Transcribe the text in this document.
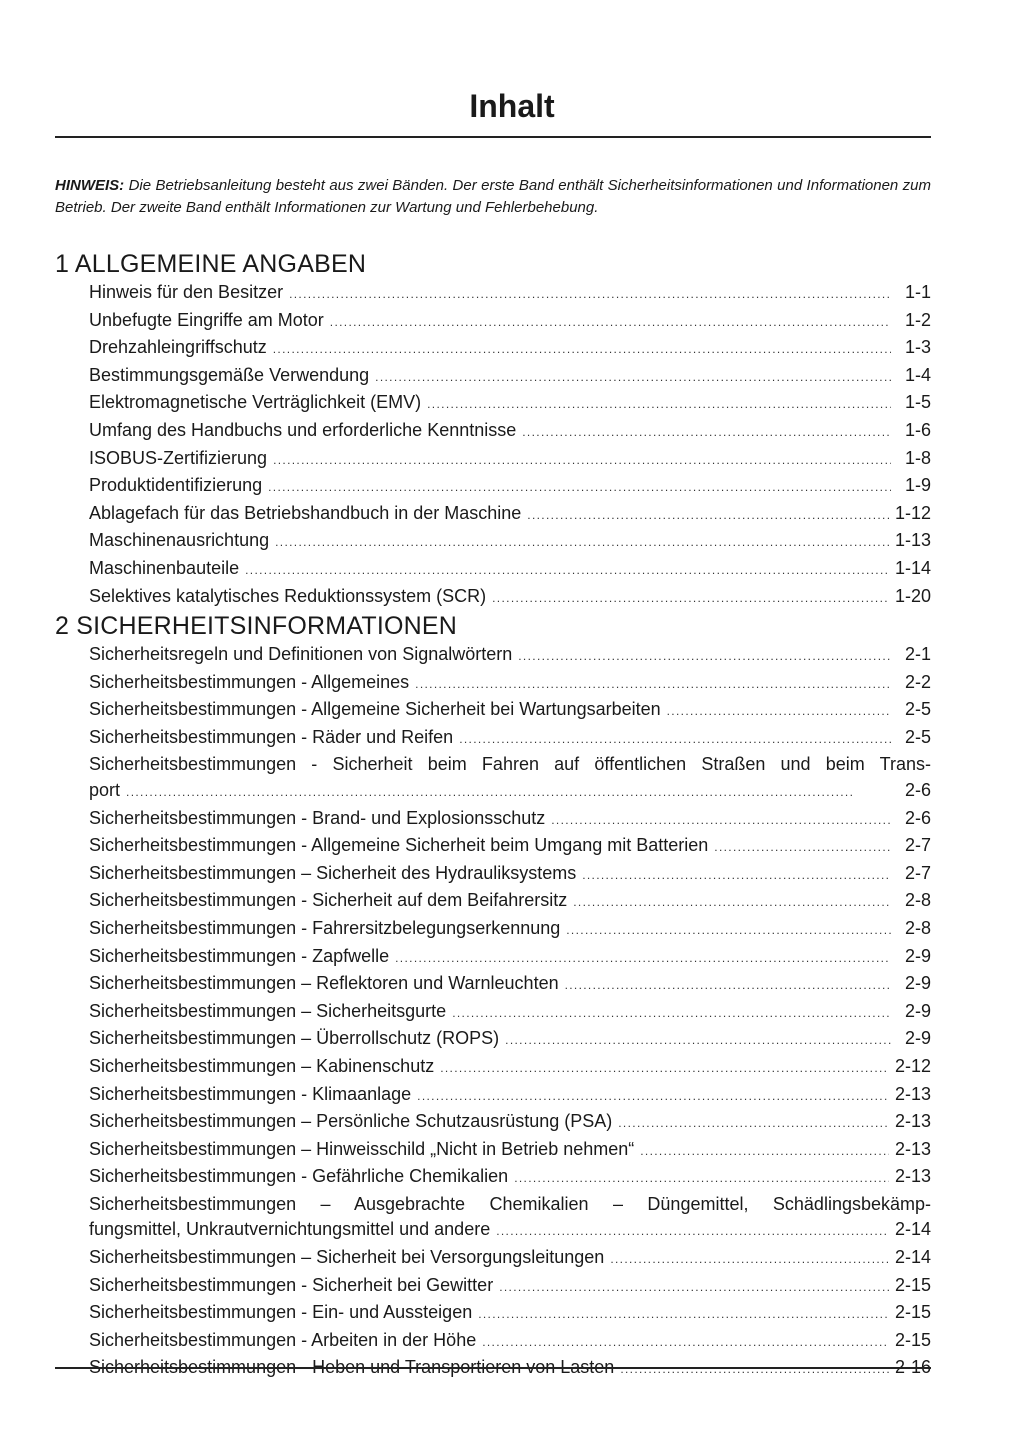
Inhalt
HINWEIS: Die Betriebsanleitung besteht aus zwei Bänden. Der erste Band enthält Sicherheitsinformationen und Informationen zum Betrieb. Der zweite Band enthält Informationen zur Wartung und Fehlerbehebung.
1 ALLGEMEINE ANGABEN
Hinweis für den Besitzer . . .	1-1
Unbefugte Eingriffe am Motor . . .	1-2
Drehzahleingriffschutz . . .	1-3
Bestimmungsgemäße Verwendung . . .	1-4
Elektromagnetische Verträglichkeit (EMV) . . .	1-5
Umfang des Handbuchs und erforderliche Kenntnisse . . .	1-6
ISOBUS-Zertifizierung . . .	1-8
Produktidentifizierung . . .	1-9
Ablagefach für das Betriebshandbuch in der Maschine . . .	1-12
Maschinenausrichtung . . .	1-13
Maschinenbauteile . . .	1-14
Selektives katalytisches Reduktionssystem (SCR) . . .	1-20
2 SICHERHEITSINFORMATIONEN
Sicherheitsregeln und Definitionen von Signalwörtern . . .	2-1
Sicherheitsbestimmungen - Allgemeines . . .	2-2
Sicherheitsbestimmungen - Allgemeine Sicherheit bei Wartungsarbeiten . . .	2-5
Sicherheitsbestimmungen - Räder und Reifen . . .	2-5
Sicherheitsbestimmungen - Sicherheit beim Fahren auf öffentlichen Straßen und beim Trans-
port . . .	2-6
Sicherheitsbestimmungen - Brand- und Explosionsschutz . . .	2-6
Sicherheitsbestimmungen - Allgemeine Sicherheit beim Umgang mit Batterien . . .	2-7
Sicherheitsbestimmungen – Sicherheit des Hydrauliksystems . . .	2-7
Sicherheitsbestimmungen - Sicherheit auf dem Beifahrersitz . . .	2-8
Sicherheitsbestimmungen - Fahrersitzbelegungserkennung . . .	2-8
Sicherheitsbestimmungen - Zapfwelle . . .	2-9
Sicherheitsbestimmungen – Reflektoren und Warnleuchten . . .	2-9
Sicherheitsbestimmungen – Sicherheitsgurte . . .	2-9
Sicherheitsbestimmungen – Überrollschutz (ROPS) . . .	2-9
Sicherheitsbestimmungen – Kabinenschutz . . .	2-12
Sicherheitsbestimmungen - Klimaanlage . . .	2-13
Sicherheitsbestimmungen – Persönliche Schutzausrüstung (PSA) . . .	2-13
Sicherheitsbestimmungen – Hinweisschild „Nicht in Betrieb nehmen“ . . .	2-13
Sicherheitsbestimmungen - Gefährliche Chemikalien . . .	2-13
Sicherheitsbestimmungen – Ausgebrachte Chemikalien – Düngemittel, Schädlingsbekämp-
fungsmittel, Unkrautvernichtungsmittel und andere . . .	2-14
Sicherheitsbestimmungen – Sicherheit bei Versorgungsleitungen . . .	2-14
Sicherheitsbestimmungen - Sicherheit bei Gewitter . . .	2-15
Sicherheitsbestimmungen - Ein- und Aussteigen . . .	2-15
Sicherheitsbestimmungen - Arbeiten in der Höhe . . .	2-15
Sicherheitsbestimmungen - Heben und Transportieren von Lasten . . .	2-16
